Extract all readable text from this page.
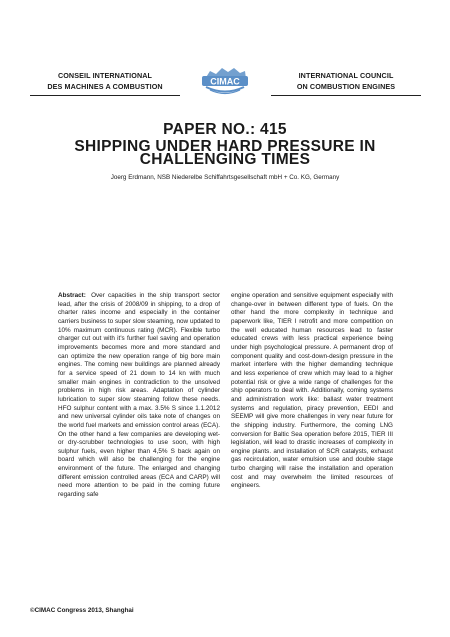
CONSEIL INTERNATIONAL
DES MACHINES A COMBUSTION	CIMAC
INTERNATIONAL COUNCIL
ON COMBUSTION ENGINES
PAPER NO.: 415
SHIPPING UNDER HARD PRESSURE IN
CHALLENGING TIMES
Joerg Erdmann, NSB Niederelbe Schiffahrtsgesellschaft mbH + Co. KG, Germany
Abstract: Over capacities in the ship transport sector lead, after the crisis of 2008/09 in shipping, to a drop of charter rates income and especially in the container carriers business to super slow steaming, now updated to 10% maximum continuous rating (MCR). Flexible turbo charger cut out with it's further fuel saving and operation improvements becomes more and more standard and can optimize the new operation range of big bore main engines. The coming new buildings are planned already for a service speed of 21 down to 14 kn with much smaller main engines in contradiction to the unsolved problems in high risk areas. Adaptation of cylinder lubrication to super slow steaming follow these needs. HFO sulphur content with a max. 3.5% S since 1.1.2012 and new universal cylinder oils take note of changes on the world fuel markets and emission control areas (ECA). On the other hand a few companies are developing wet- or dry-scrubber technologies to use soon, with high sulphur fuels, even higher than 4,5% S back again on board which will also be challenging for the engine environment of the future. The enlarged and changing different emission controlled areas (ECA and CARP) will need more attention to be paid in the coming future regarding safe
engine operation and sensitive equipment especially with change-over in between different type of fuels. On the other hand the more complexity in technique and paperwork like, TIER I retrofit and more competition on the well educated human resources lead to faster educated crews with less practical experience being under high psychological pressure. A permanent drop of component quality and cost-down-design pressure in the market interfere with the higher demanding technique and less experience of crew which may lead to a higher potential risk or give a wide range of challenges for the ship operators to deal with. Additionally, coming systems and administration work like: ballast water treatment systems and regulation, piracy prevention, EEDI and SEEMP will give more challenges in very near future for the shipping industry. Furthermore, the coming LNG conversion for Baltic Sea operation before 2015, TIER III legislation, will lead to drastic increases of complexity in engine plants. and installation of SCR catalysts, exhaust gas recirculation, water emulsion use and double stage turbo charging will raise the installation and operation cost and may overwhelm the limited resources of engineers.
©CIMAC Congress 2013, Shanghai
